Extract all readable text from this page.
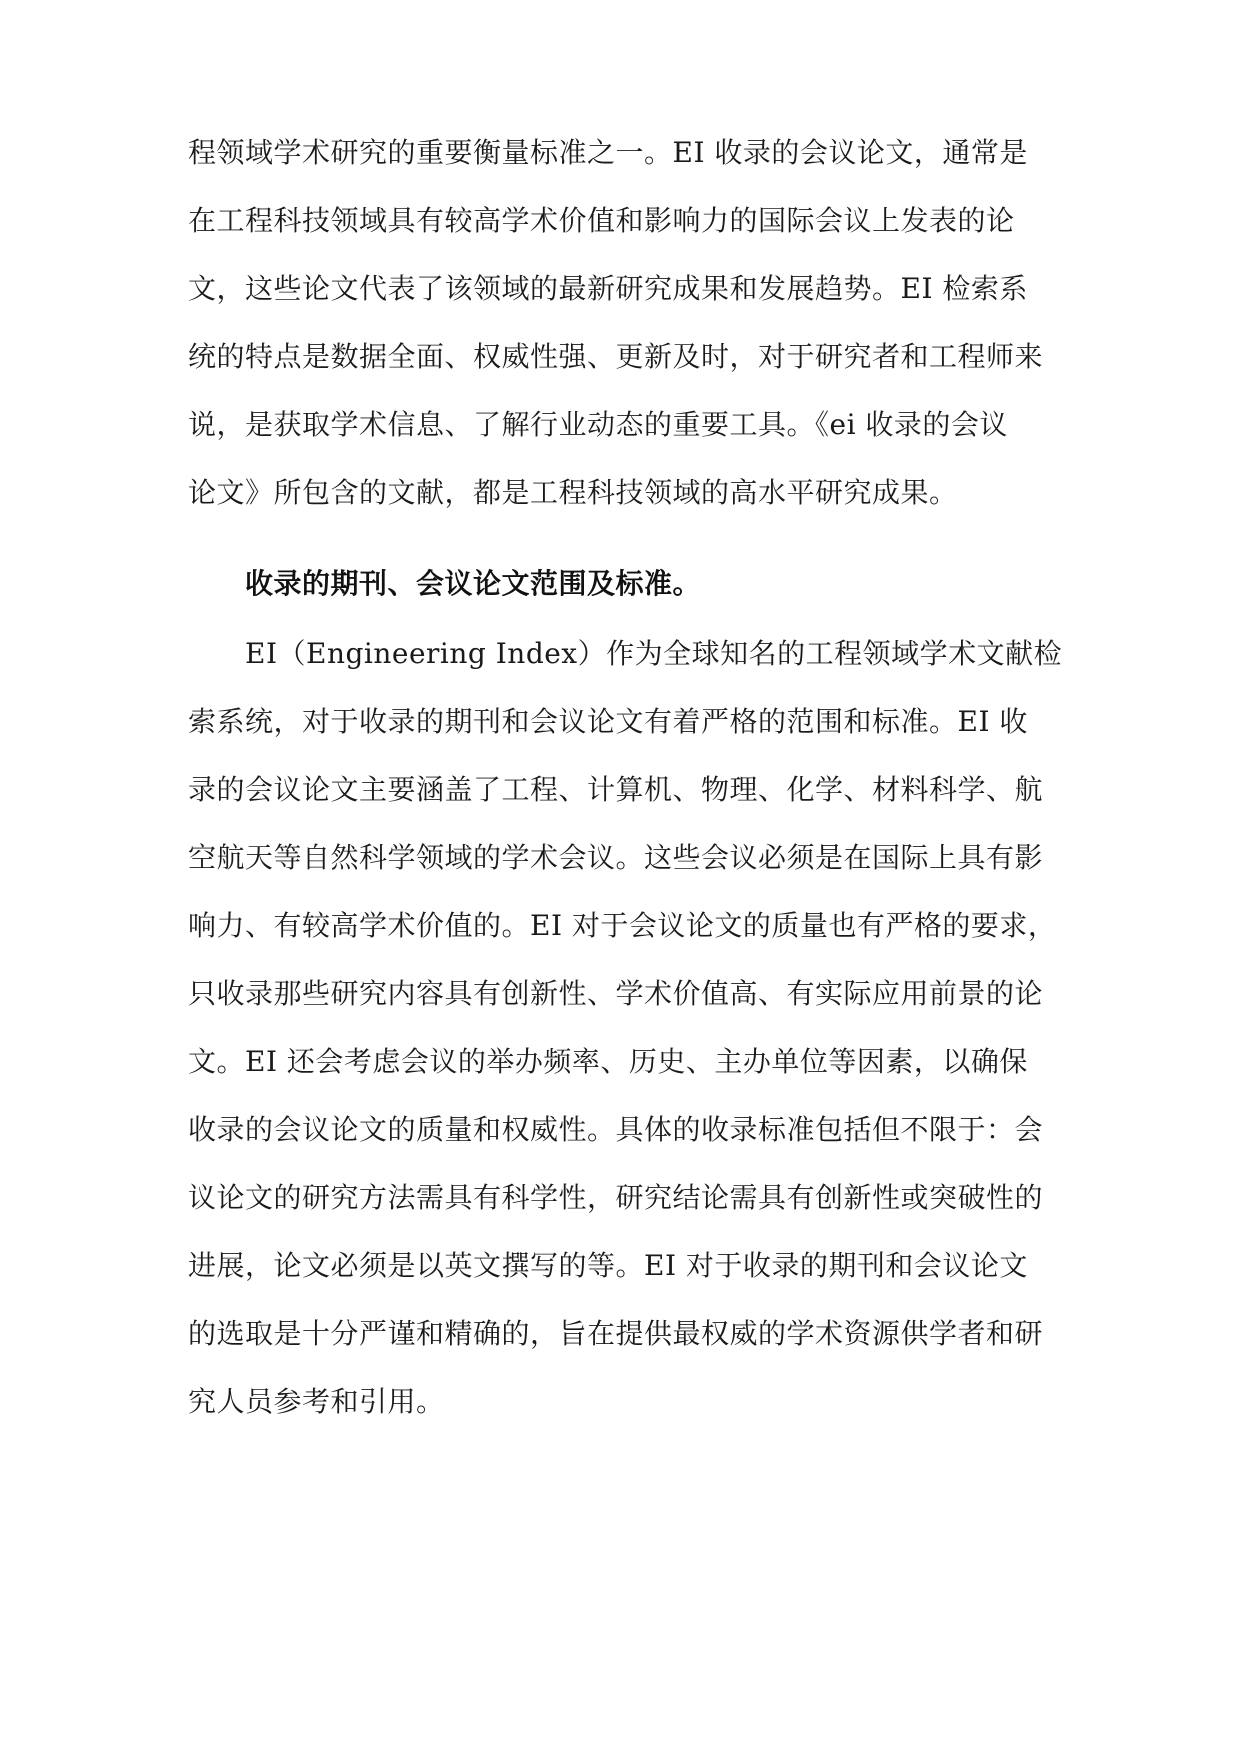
程领域学术研究的重要衡量标准之一。EI 收录的会议论文，通常是
在工程科技领域具有较高学术价值和影响力的国际会议上发表的论
文，这些论文代表了该领域的最新研究成果和发展趋势。EI 检索系
统的特点是数据全面、权威性强、更新及时，对于研究者和工程师来
说，是获取学术信息、了解行业动态的重要工具。《ei 收录的会议
论文》所包含的文献，都是工程科技领域的高水平研究成果。
收录的期刊、会议论文范围及标准。
EI（Engineering Index）作为全球知名的工程领域学术文献检
索系统，对于收录的期刊和会议论文有着严格的范围和标准。EI 收
录的会议论文主要涵盖了工程、计算机、物理、化学、材料科学、航
空航天等自然科学领域的学术会议。这些会议必须是在国际上具有影
响力、有较高学术价值的。EI 对于会议论文的质量也有严格的要求，
只收录那些研究内容具有创新性、学术价值高、有实际应用前景的论
文。EI 还会考虑会议的举办频率、历史、主办单位等因素，以确保
收录的会议论文的质量和权威性。具体的收录标准包括但不限于：会
议论文的研究方法需具有科学性，研究结论需具有创新性或突破性的
进展，论文必须是以英文撰写的等。EI 对于收录的期刊和会议论文
的选取是十分严谨和精确的，旨在提供最权威的学术资源供学者和研
究人员参考和引用。
